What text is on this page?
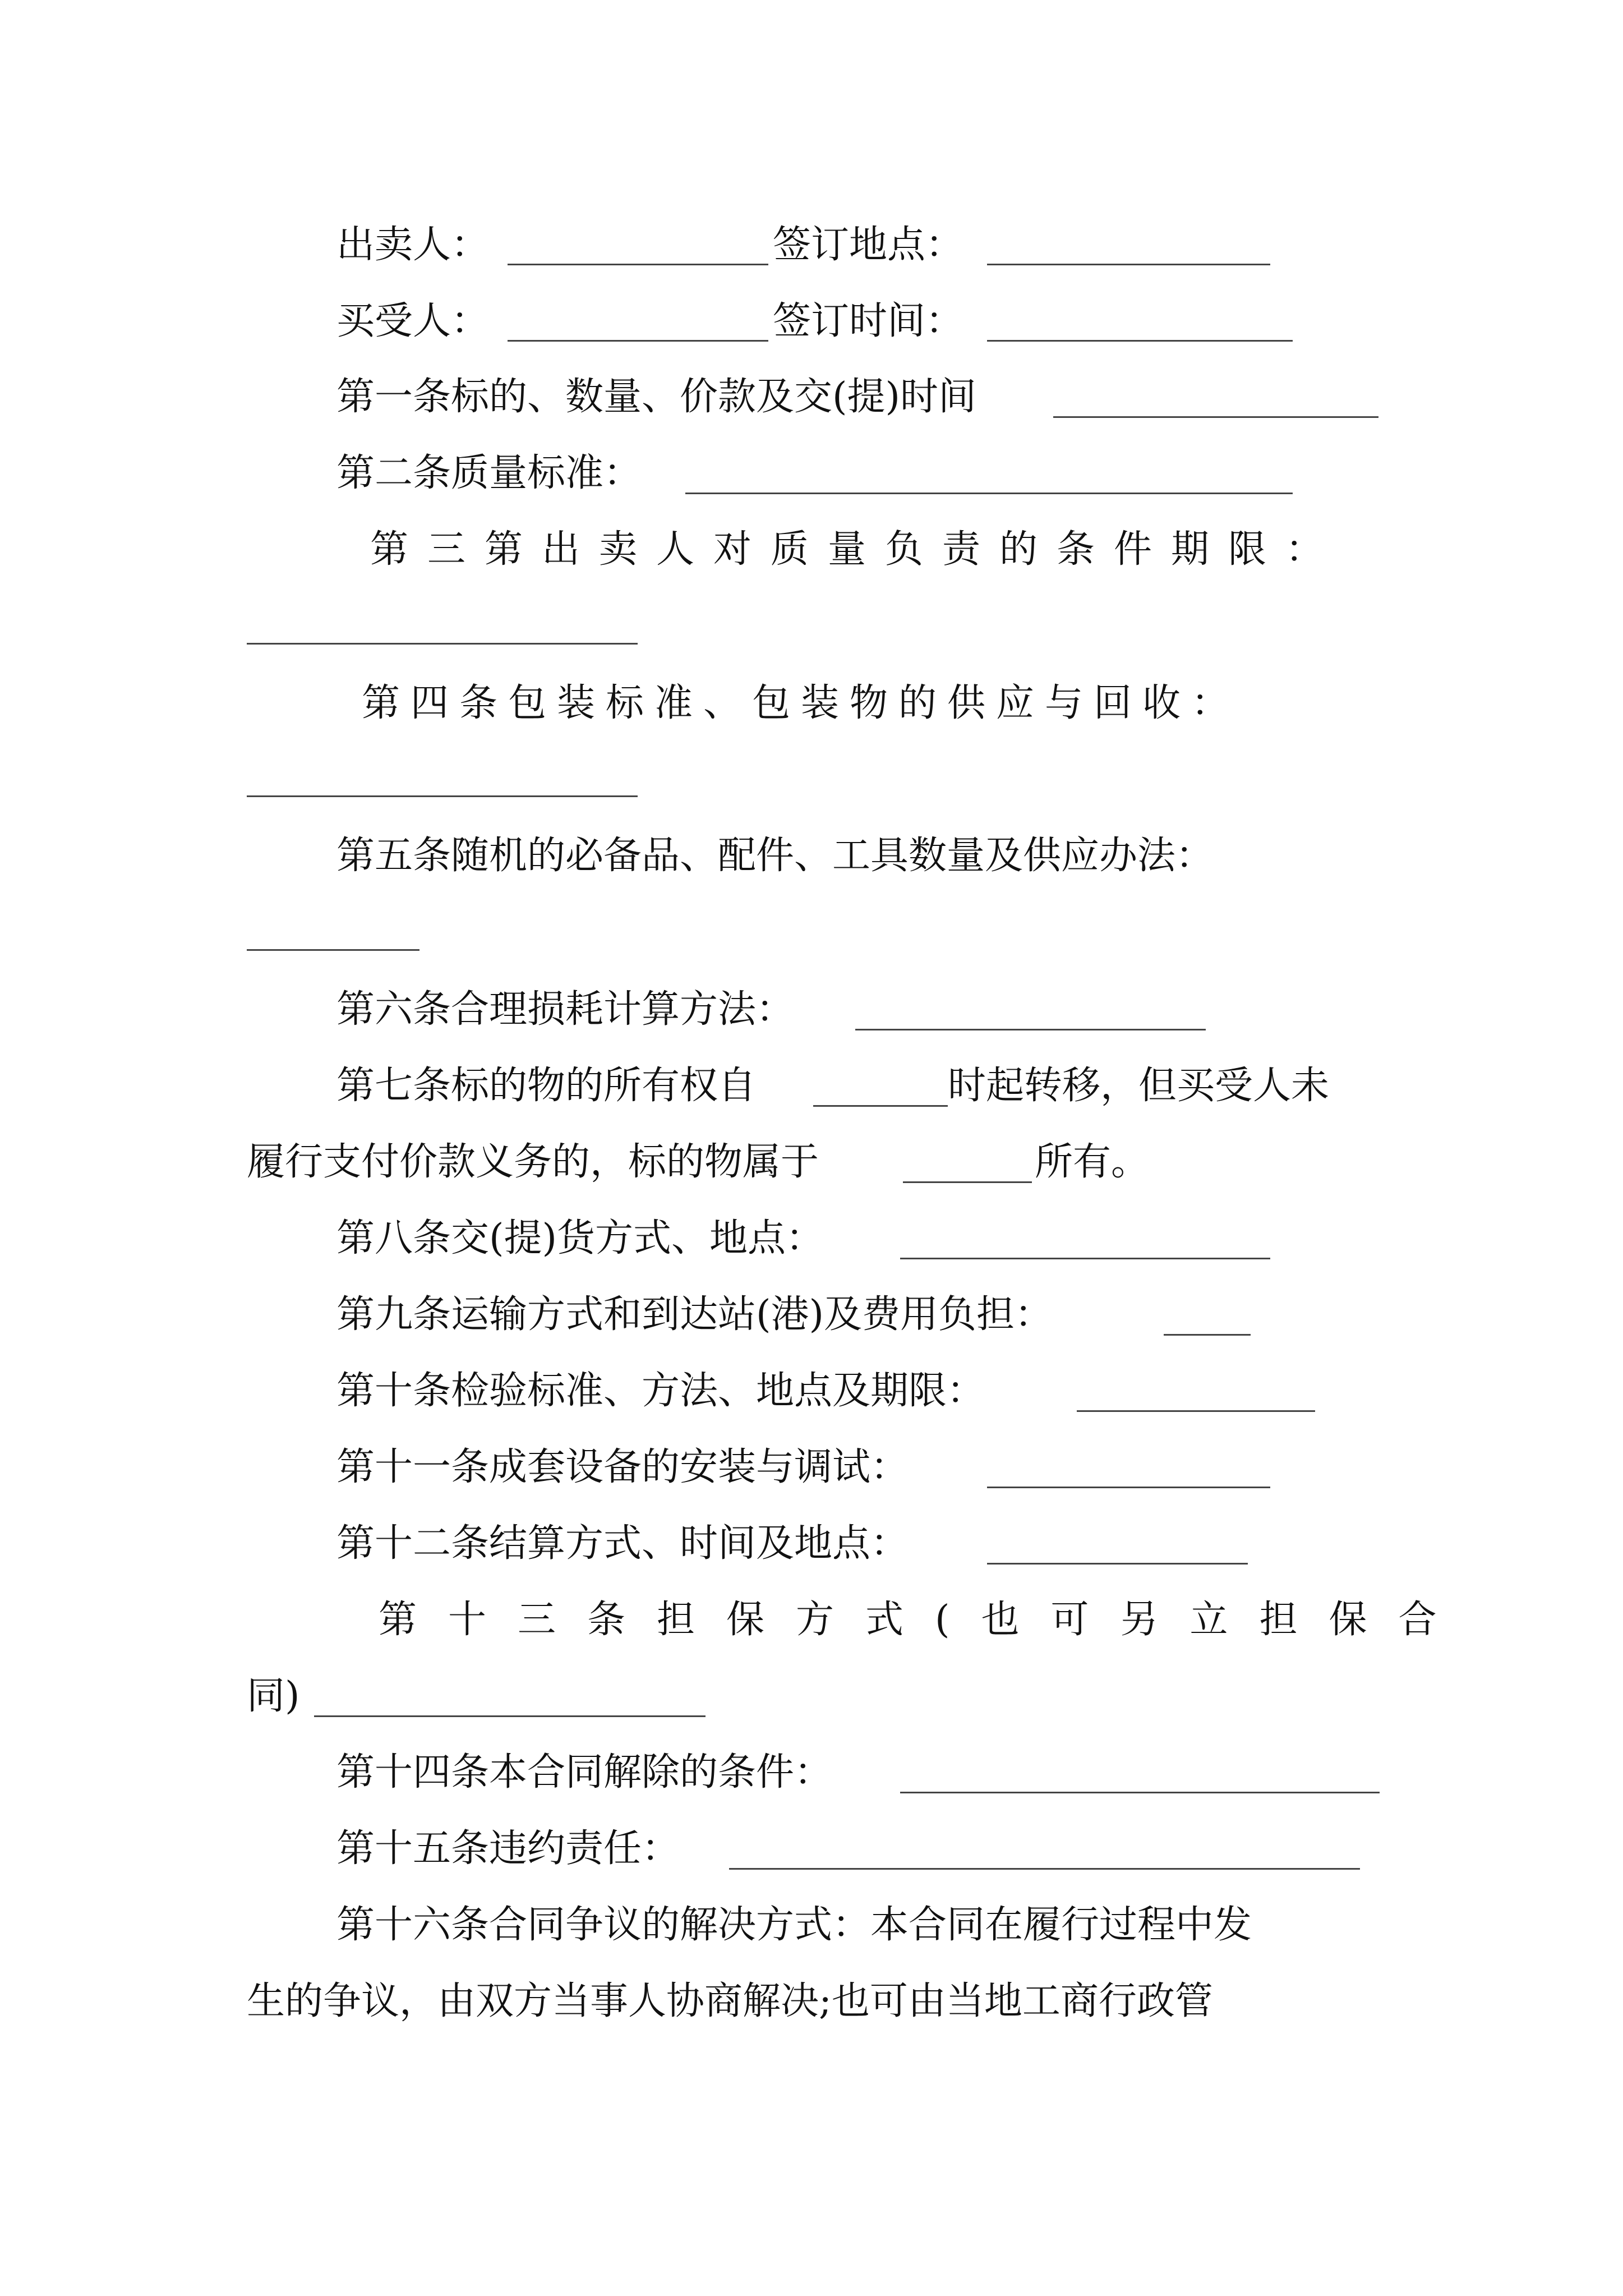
出卖人：	签订地点：
买受人：	签订时间：
第一条标的、数量、价款及交(提)时间
第二条质量标准：
第三第出卖人对质量负责的条件期限：
第四条包装标准、包装物的供应与回收：
第五条随机的必备品、配件、工具数量及供应办法：
第六条合理损耗计算方法：
第七条标的物的所有权自	时起转移，但买受人未
履行支付价款义务的，标的物属于	所有。
第八条交(提)货方式、地点：
第九条运输方式和到达站(港)及费用负担：
第十条检验标准、方法、地点及期限：
第十一条成套设备的安装与调试：
第十二条结算方式、时间及地点：
第十三条担保方式(也可另立担保合
同)
第十四条本合同解除的条件：
第十五条违约责任：
第十六条合同争议的解决方式：本合同在履行过程中发
生的争议，由双方当事人协商解决;也可由当地工商行政管
